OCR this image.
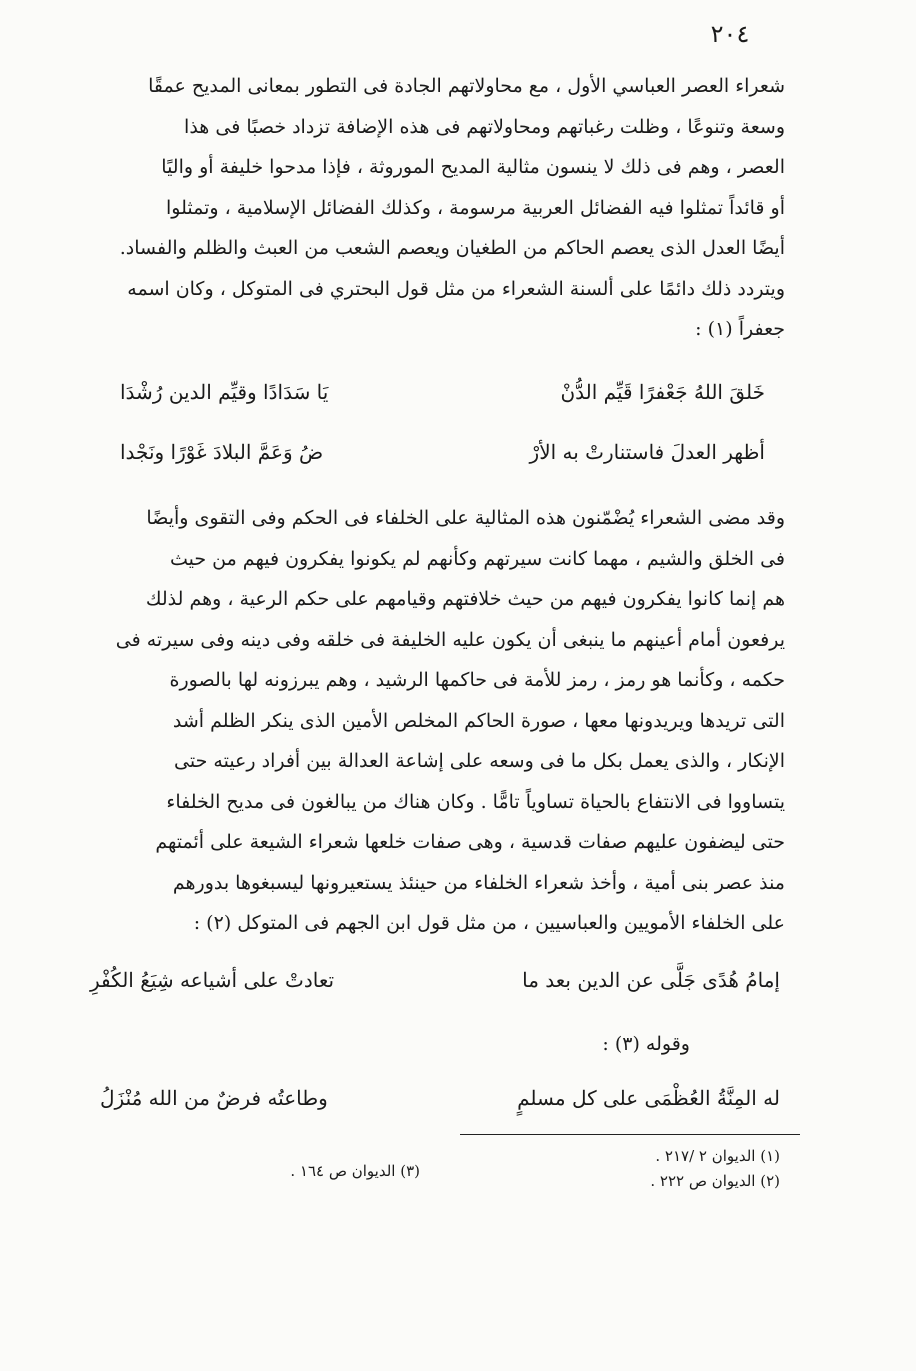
٢٠٤
شعراء العصر العباسي الأول ، مع محاولاتهم الجادة فى التطور بمعانى المديح عمقًا
وسعة وتنوعًا ، وظلت رغباتهم ومحاولاتهم فى هذه الإضافة تزداد خصبًا فى هذا
العصر ، وهم فى ذلك لا ينسون مثالية المديح الموروثة ، فإذا مدحوا خليفة أو واليًا
أو قائداً تمثلوا فيه الفضائل العربية مرسومة ، وكذلك الفضائل الإسلامية ، وتمثلوا
أيضًا العدل الذى يعصم الحاكم من الطغيان ويعصم الشعب من العبث والظلم والفساد.
ويتردد ذلك دائمًا على ألسنة الشعراء من مثل قول البحتري فى المتوكل ، وكان اسمه
جعفراً (١) :
خَلقَ اللهُ جَعْفرًا قَيِّم الدُّنْ
يَا سَدَادًا وقيِّم الدين رُشْدَا
أظهر العدلَ فاستنارتْ به الأرْ
ضُ وَعَمَّ البلادَ غَوْرًا ونَجْدا
وقد مضى الشعراء يُضْمّنون هذه المثالية على الخلفاء فى الحكم وفى التقوى وأيضًا
فى الخلق والشيم ، مهما كانت سيرتهم وكأنهم لم يكونوا يفكرون فيهم من حيث
هم إنما كانوا يفكرون فيهم من حيث خلافتهم وقيامهم على حكم الرعية ، وهم لذلك
يرفعون أمام أعينهم ما ينبغى أن يكون عليه الخليفة فى خلقه وفى دينه وفى سيرته فى
حكمه ، وكأنما هو رمز ، رمز للأمة فى حاكمها الرشيد ، وهم يبرزونه لها بالصورة
التى تريدها ويريدونها معها ، صورة الحاكم المخلص الأمين الذى ينكر الظلم أشد
الإنكار ، والذى يعمل بكل ما فى وسعه على إشاعة العدالة بين أفراد رعيته حتى
يتساووا فى الانتفاع بالحياة تساوياً تامًّا . وكان هناك من يبالغون فى مديح الخلفاء
حتى ليضفون عليهم صفات قدسية ، وهى صفات خلعها شعراء الشيعة على أئمتهم
منذ عصر بنى أمية ، وأخذ شعراء الخلفاء من حينئذ يستعيرونها ليسبغوها بدورهم
على الخلفاء الأمويين والعباسيين ، من مثل قول ابن الجهم فى المتوكل (٢) :
إمامُ هُدًى جَلَّى عن الدين بعد ما
تعادتْ على أشياعه شِيَعُ الكُفْرِ
وقوله (٣) :
له المِنَّةُ العُظْمَى على كل مسلمٍ
وطاعتُه فرضٌ من الله مُنْزَلُ
(١) الديوان ٢ /٢١٧ .
(٢) الديوان ص ٢٢٢ .
(٣) الديوان ص ١٦٤ .
